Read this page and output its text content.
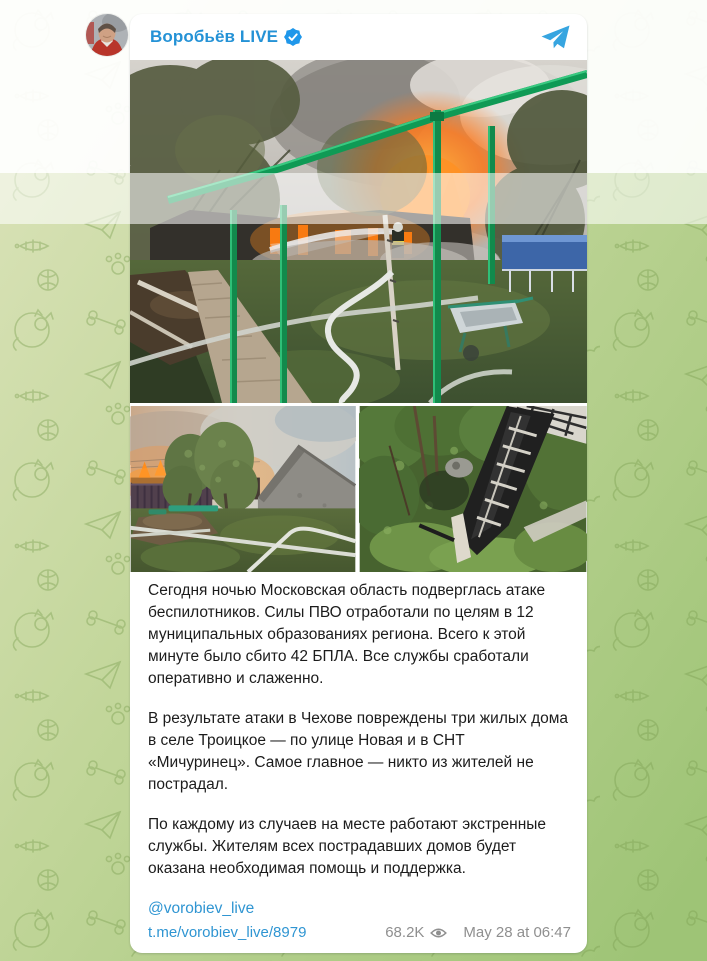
Воробьёв LIVE

Сегодня ночью Московская область подверглась атаке беспилотников. Силы ПВО отработали по целям в 12 муниципальных образованиях региона. Всего к этой минуте было сбито 42 БПЛА. Все службы сработали оперативно и слаженно.

В результате атаки в Чехове повреждены три жилых дома в селе Троицкое — по улице Новая и в СНТ «Мичуринец». Самое главное — никто из жителей не пострадал.

По каждому из случаев на месте работают экстренные службы. Жителям всех пострадавших домов будет оказана необходимая помощь и поддержка.

@vorobiev_live
t.me/vorobiev_live/8979	68.2K	May 28 at 06:47
